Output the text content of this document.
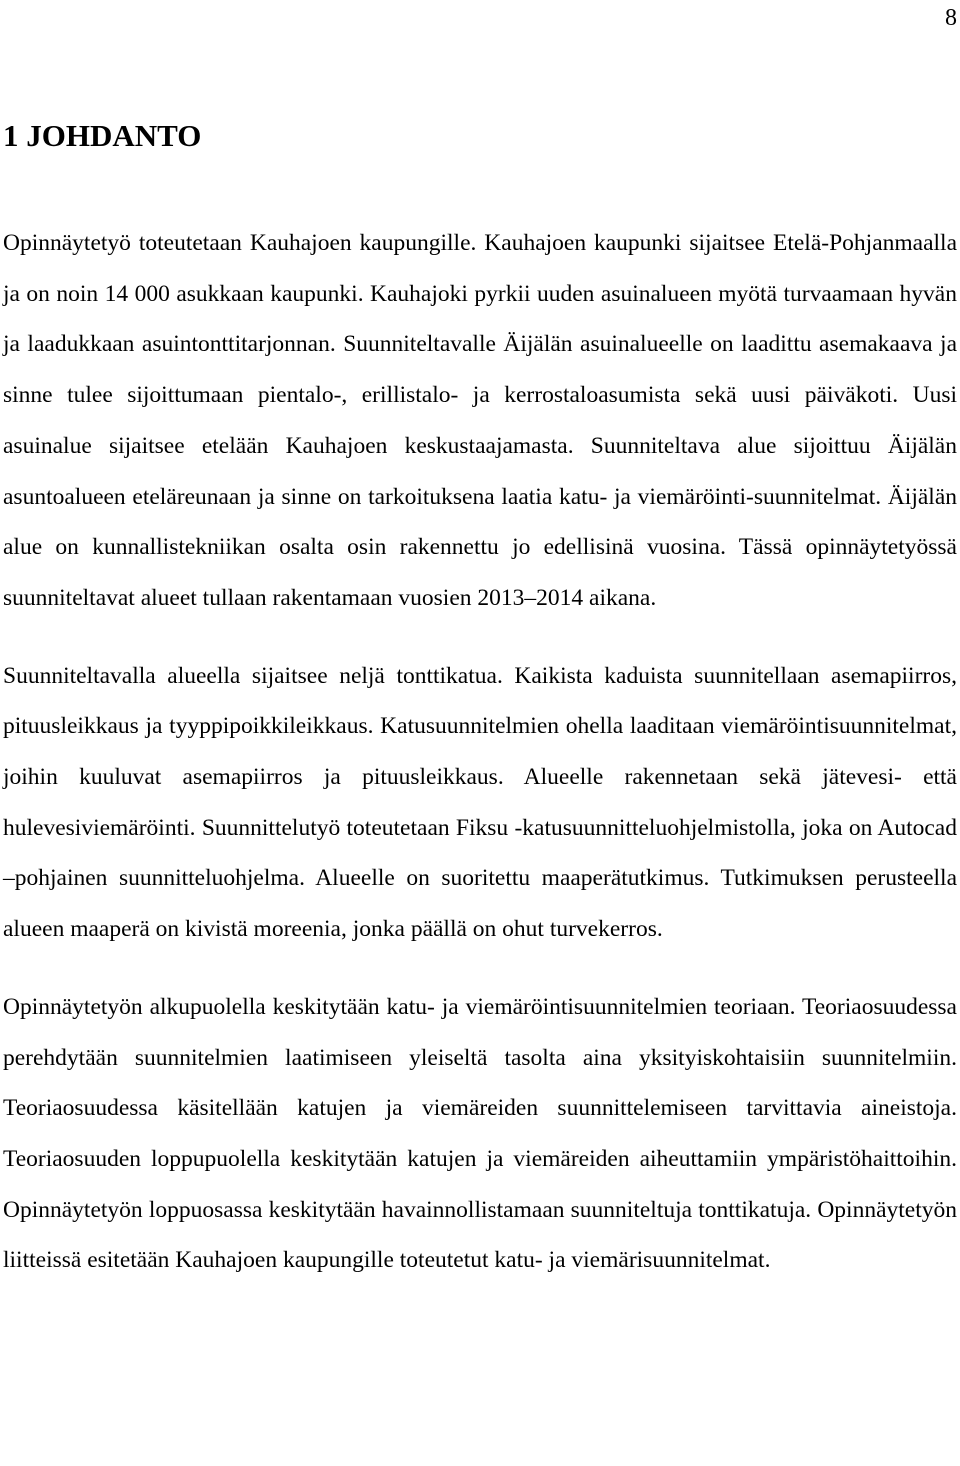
8
1 JOHDANTO

Opinnäytetyö toteutetaan Kauhajoen kaupungille. Kauhajoen kaupunki sijaitsee Etelä-Pohjanmaalla ja on noin 14 000 asukkaan kaupunki. Kauhajoki pyrkii uuden asuinalueen myötä turvaamaan hyvän ja laadukkaan asuintonttitarjonnan. Suunniteltavalle Äijälän asuinalueelle on laadittu asemakaava ja sinne tulee sijoittumaan pientalo-, erillistalo- ja kerrostaloasumista sekä uusi päiväkoti. Uusi asuinalue sijaitsee etelään Kauhajoen keskustaajamasta. Suunniteltava alue sijoittuu Äijälän asuntoalueen eteläreunaan ja sinne on tarkoituksena laatia katu- ja viemäröinti-suunnitelmat. Äijälän alue on kunnallistekniikan osalta osin rakennettu jo edellisinä vuosina. Tässä opinnäytetyössä suunniteltavat alueet tullaan rakentamaan vuosien 2013–2014 aikana.

Suunniteltavalla alueella sijaitsee neljä tonttikatua. Kaikista kaduista suunnitellaan asemapiirros, pituusleikkaus ja tyyppipoikkileikkaus. Katusuunnitelmien ohella laaditaan viemäröintisuunnitelmat, joihin kuuluvat asemapiirros ja pituusleikkaus. Alueelle rakennetaan sekä jätevesi- että hulevesiviemäröinti. Suunnittelutyö toteutetaan Fiksu -katusuunnitteluohjelmistolla, joka on Autocad –pohjainen suunnitteluohjelma. Alueelle on suoritettu maaperätutkimus. Tutkimuksen perusteella alueen maaperä on kivistä moreenia, jonka päällä on ohut turvekerros.

Opinnäytetyön alkupuolella keskitytään katu- ja viemäröintisuunnitelmien teoriaan. Teoriaosuudessa perehdytään suunnitelmien laatimiseen yleiseltä tasolta aina yksityiskohtaisiin suunnitelmiin. Teoriaosuudessa käsitellään katujen ja viemäreiden suunnittelemiseen tarvittavia aineistoja. Teoriaosuuden loppupuolella keskitytään katujen ja viemäreiden aiheuttamiin ympäristöhaittoihin. Opinnäytetyön loppuosassa keskitytään havainnollistamaan suunniteltuja tonttikatuja. Opinnäytetyön liitteissä esitetään Kauhajoen kaupungille toteutetut katu- ja viemärisuunnitelmat.
